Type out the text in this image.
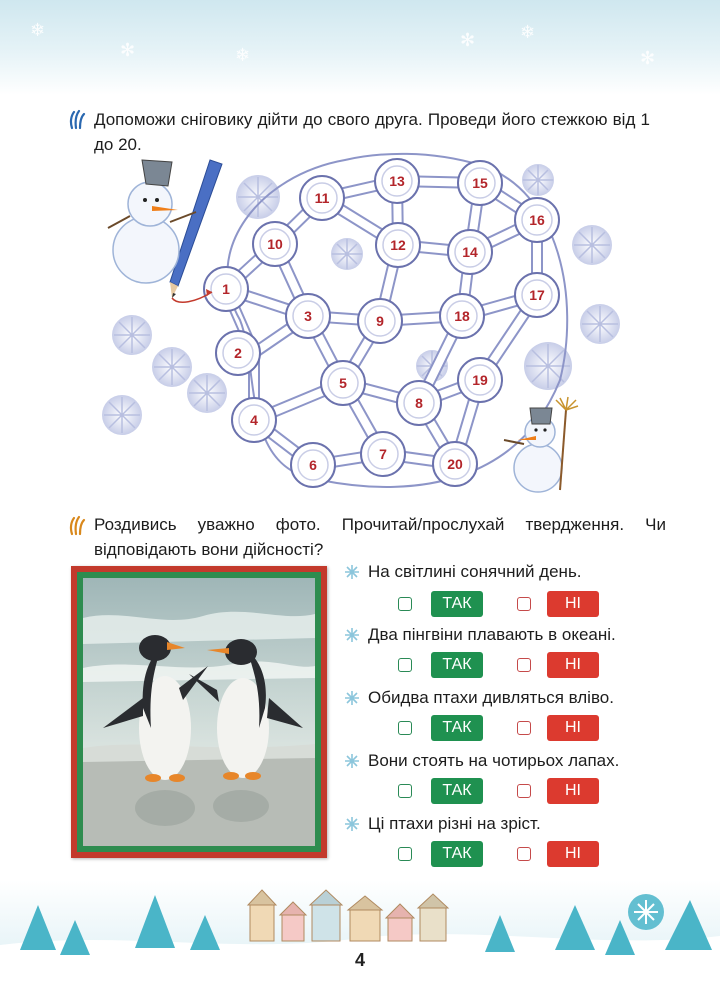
❄
✻	❄
✻ ❄
✻

Допоможи сніговику дійти до свого друга. Проведи його стежкою від 1 до 20.

1
2
3
4
5
6
7
8
9
10
11
12
13
14
15
16
17
18
19
20

Роздивись уважно фото. Прочитай/прослухай твердження. Чи відповідають вони дійсності?

На світлині сонячний день.
ТАК	НІ
Два пінгвіни плавають в океані.
ТАК	НІ
Обидва птахи дивляться вліво.
ТАК	НІ
Вони стоять на чотирьох лапах.
ТАК	НІ
Ці птахи різні на зріст.
ТАК	НІ
4
